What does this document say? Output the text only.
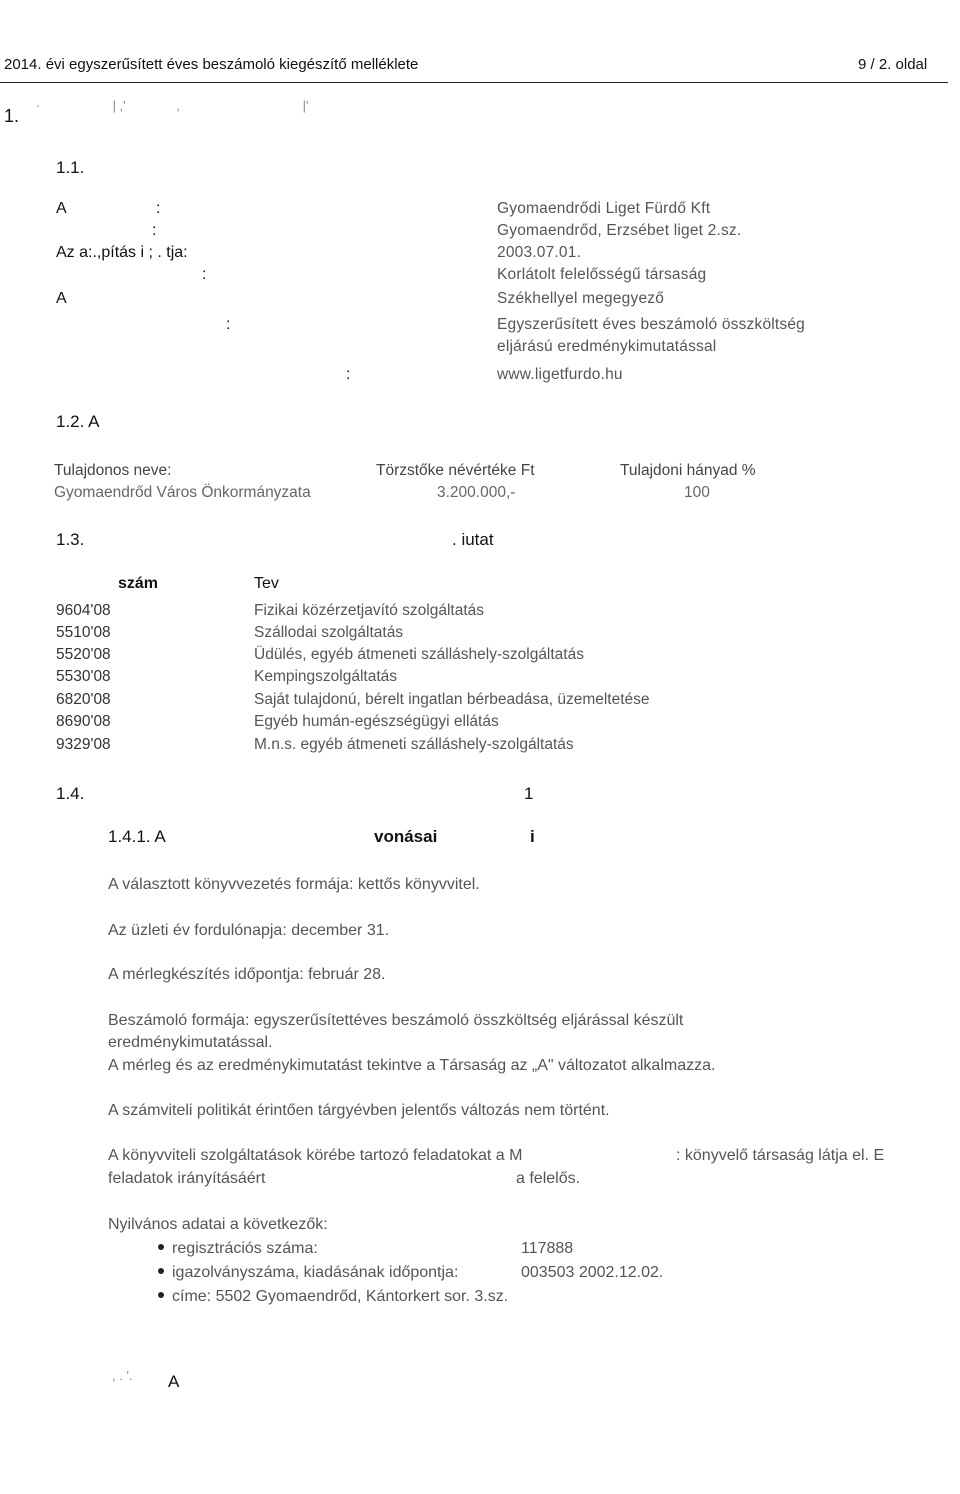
2014. évi egyszerűsített éves beszámoló kiegészítő melléklete	9 / 2. oldal
1.
·                    | ,'              ,                                  |'
1.1.
A	:	Gyomaendrődi Liget Fürdő Kft
:	Gyomaendrőd, Erzsébet liget 2.sz.
Az a:.,pítás i ; . tja:	2003.07.01.
:	Korlátolt felelősségű társaság
A	Székhellyel megegyező
:	Egyszerűsített éves beszámoló összköltség
eljárású eredménykimutatással
:	www.ligetfurdo.hu
1.2. A
Tulajdonos neve:	Törzstőke névértéke Ft	Tulajdoni hányad %
Gyomaendrőd Város Önkormányzata	3.200.000,-	100
1.3.	. iutat
szám	Tev
9604'08	Fizikai közérzetjavító szolgáltatás
5510'08	Szállodai szolgáltatás
5520'08	Üdülés, egyéb átmeneti szálláshely-szolgáltatás
5530'08	Kempingszolgáltatás
6820'08	Saját tulajdonú, bérelt ingatlan bérbeadása, üzemeltetése
8690'08	Egyéb humán-egészségügyi ellátás
9329'08	M.n.s. egyéb átmeneti szálláshely-szolgáltatás
1.4.	1
1.4.1. A	vonásai	i
A választott könyvvezetés formája: kettős könyvvitel.
Az üzleti év fordulónapja: december 31.
A mérlegkészítés időpontja: február 28.
Beszámoló formája: egyszerűsítettéves beszámoló összköltség eljárással készült
eredménykimutatással.
A mérleg és az eredménykimutatást tekintve a Társaság az „A" változatot alkalmazza.
A számviteli politikát érintően tárgyévben jelentős változás nem történt.
A könyvviteli szolgáltatások körébe tartozó feladatokat a M	: könyvelő társaság látja el. E
feladatok irányításáért	a felelős.
Nyilvános adatai a következők:
regisztrációs száma:	117888
igazolványszáma, kiadásának időpontja:	003503 2002.12.02.
címe: 5502 Gyomaendrőd, Kántorkert sor. 3.sz.
A
, . '.
